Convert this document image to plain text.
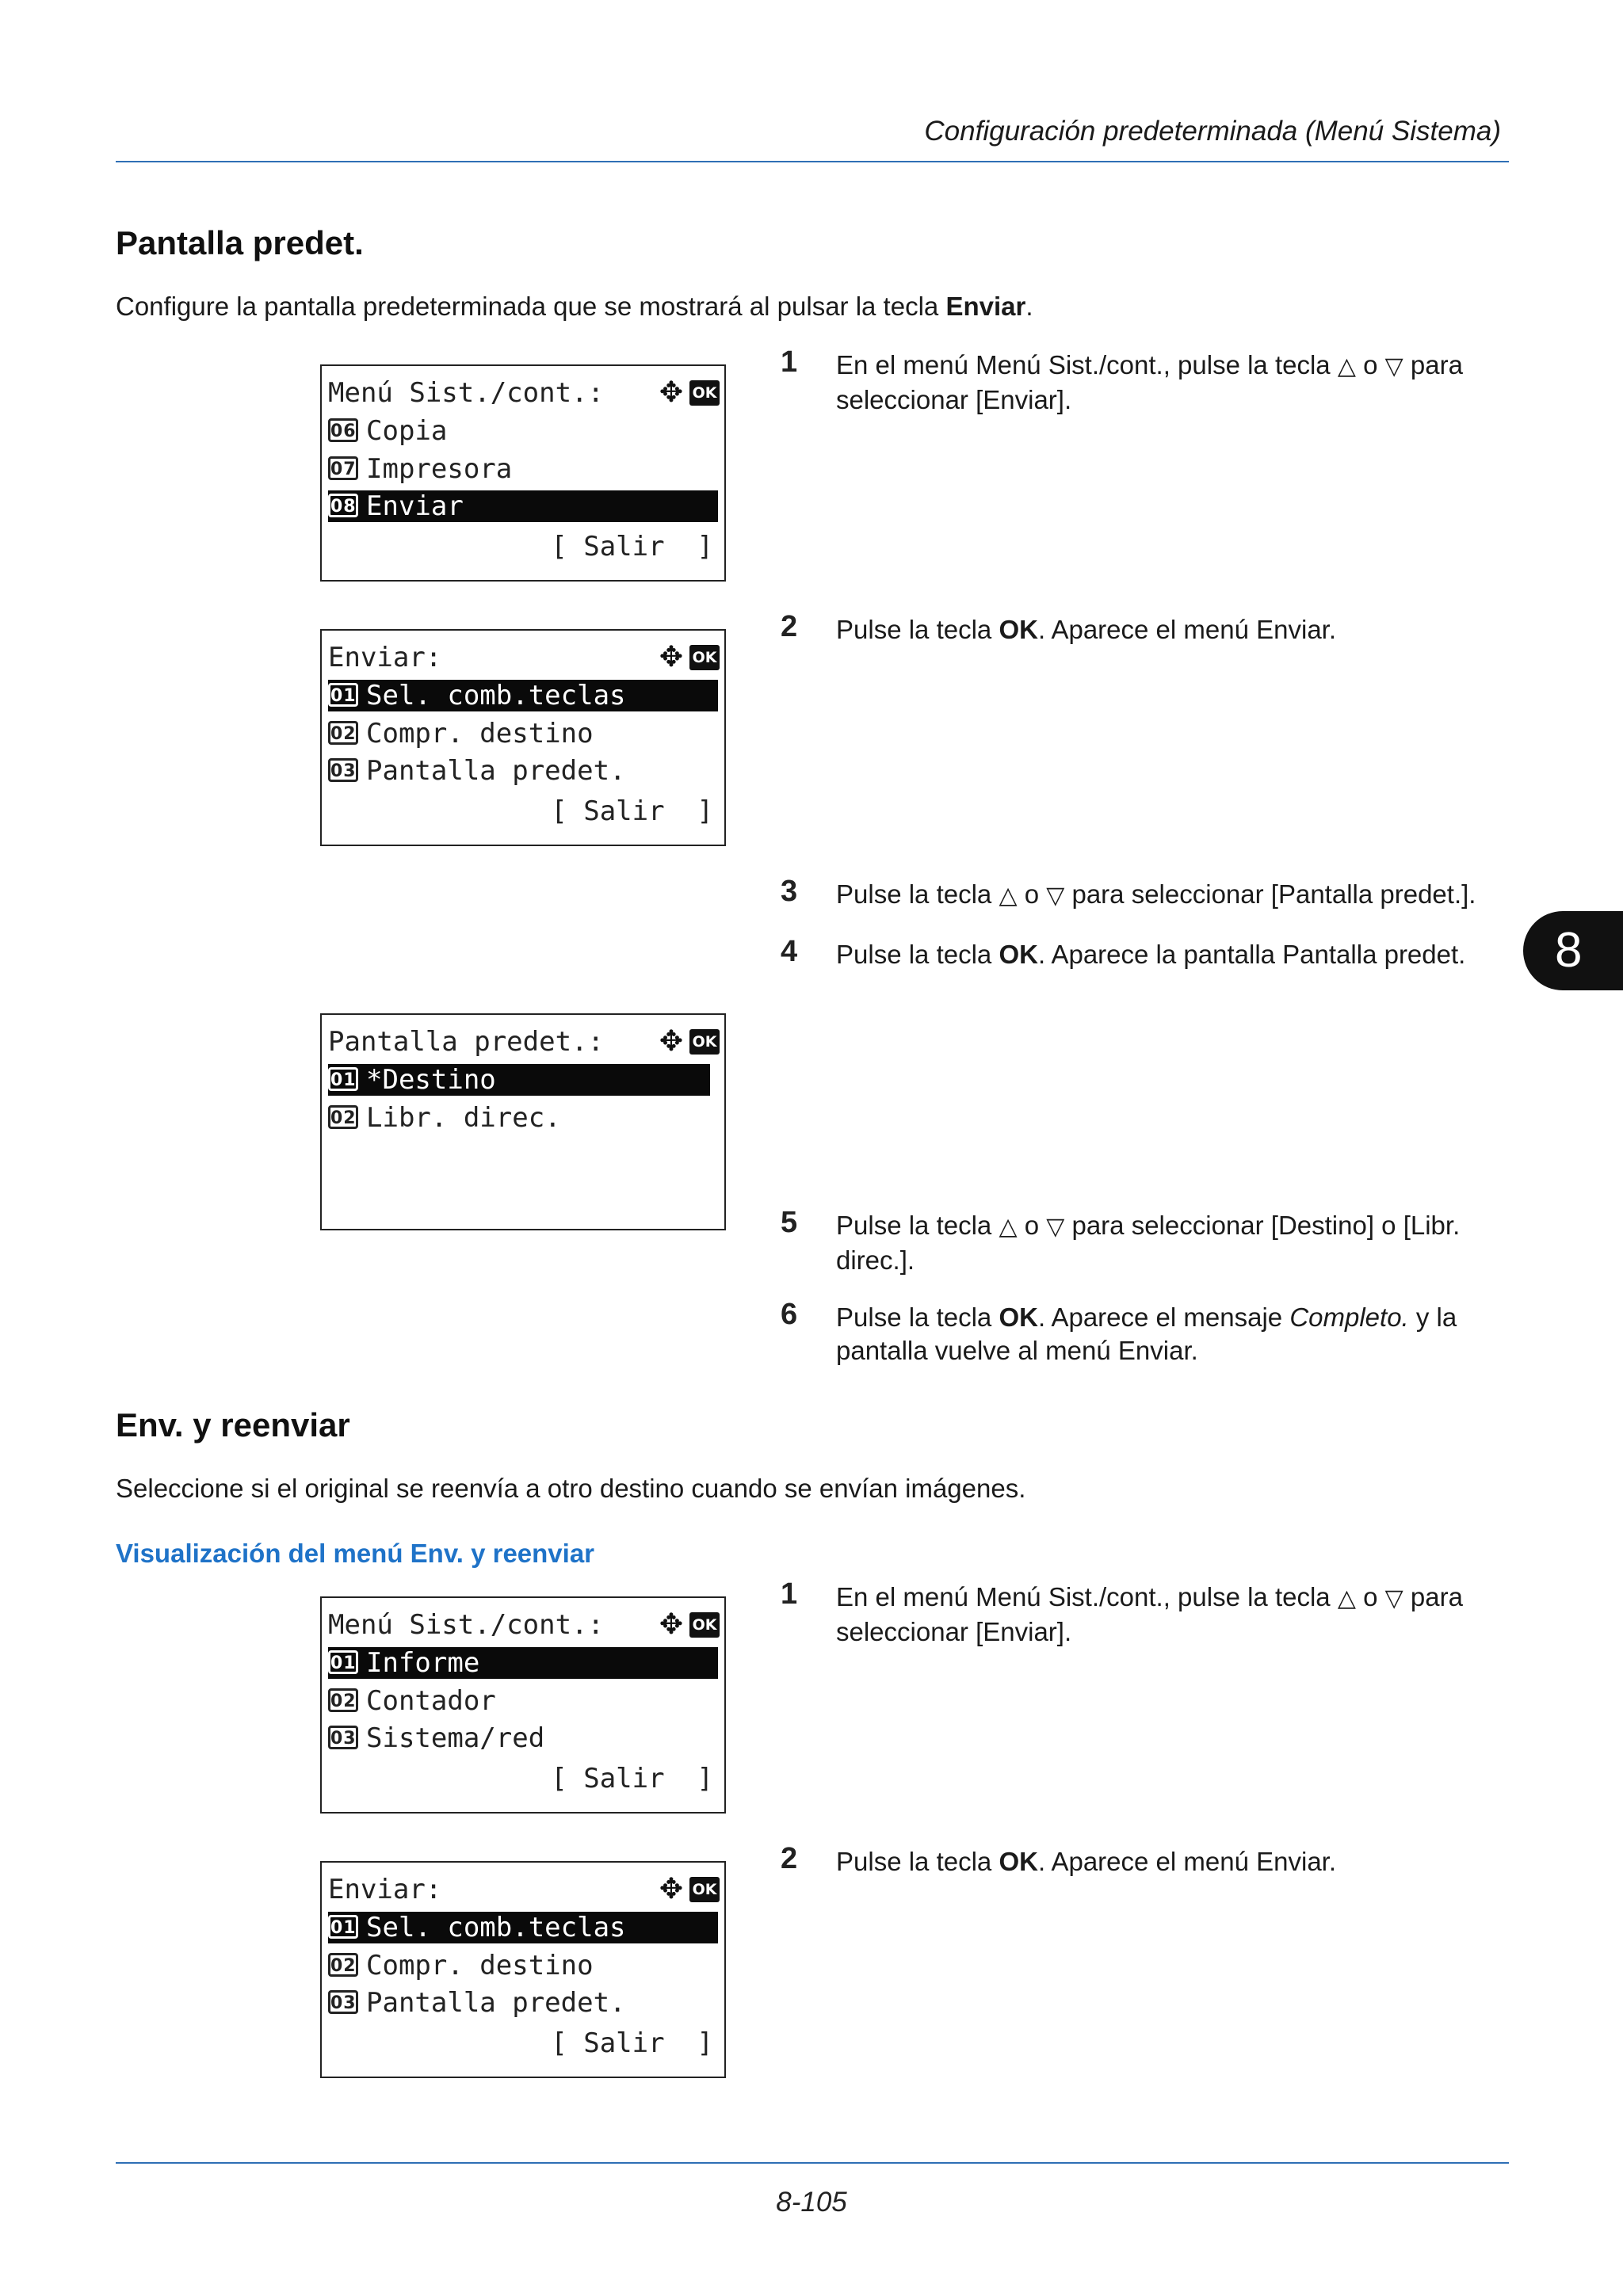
Configuración predeterminada (Menú Sistema)
Pantalla predet.
Configure la pantalla predeterminada que se mostrará al pulsar la tecla Enviar.
Menú Sist./cont.:	✥ OK
06 Copia
07 Impresora
08 Enviar
[ Salir  ]
Enviar:	✥ OK
01 Sel. comb.teclas
02 Compr. destino
03 Pantalla predet.
[ Salir  ]
Pantalla predet.:	✥ OK
01 *Destino
02 Libr. direc.
1 En el menú Menú Sist./cont., pulse la tecla △ o ▽ para seleccionar [Enviar].
2 Pulse la tecla OK. Aparece el menú Enviar.
3 Pulse la tecla △ o ▽ para seleccionar [Pantalla predet.].
4 Pulse la tecla OK. Aparece la pantalla Pantalla predet.
5 Pulse la tecla △ o ▽ para seleccionar [Destino] o [Libr. direc.].
6 Pulse la tecla OK. Aparece el mensaje Completo. y la pantalla vuelve al menú Enviar.
8
Env. y reenviar
Seleccione si el original se reenvía a otro destino cuando se envían imágenes.
Visualización del menú Env. y reenviar
Menú Sist./cont.:	✥ OK
01 Informe
02 Contador
03 Sistema/red
[ Salir  ]
Enviar:	✥ OK
01 Sel. comb.teclas
02 Compr. destino
03 Pantalla predet.
[ Salir  ]
1 En el menú Menú Sist./cont., pulse la tecla △ o ▽ para seleccionar [Enviar].
2 Pulse la tecla OK. Aparece el menú Enviar.
8-105
